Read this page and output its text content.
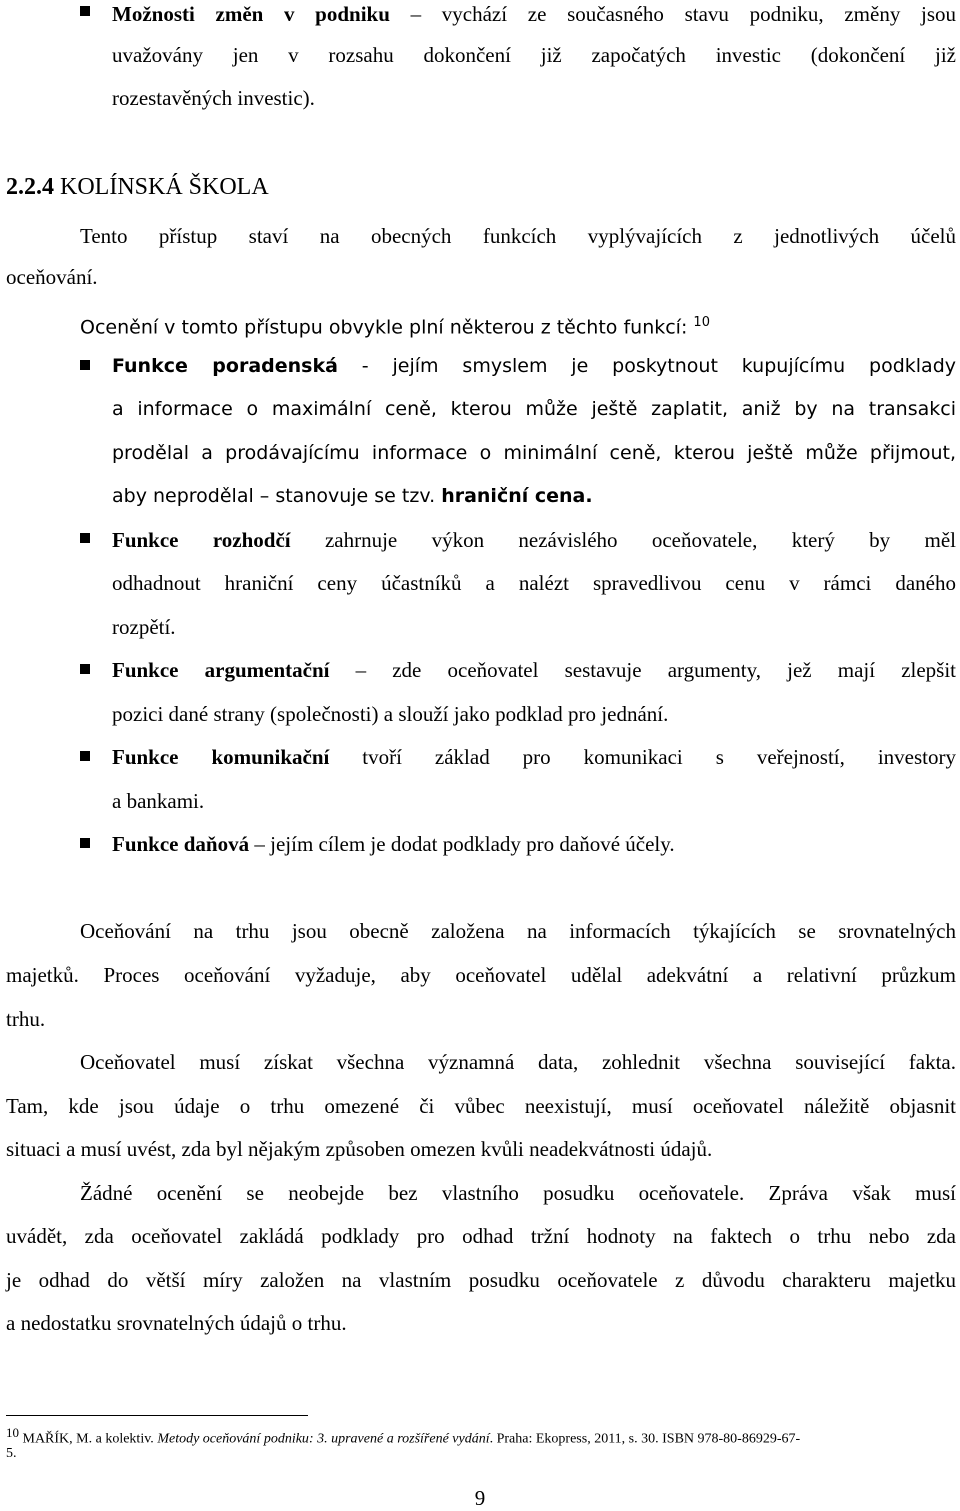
Možnosti změn v podniku – vychází ze současného stavu podniku, změny jsou
uvažovány jen v rozsahu dokončení již započatých investic (dokončení již
rozestavěných investic).
2.2.4 KOLÍNSKÁ ŠKOLA
Tento přístup staví na obecných funkcích vyplývajících z jednotlivých účelů
oceňování.
Ocenění v tomto přístupu obvykle plní některou z těchto funkcí: $^{10}$
Funkce poradenská - jejím smyslem je poskytnout kupujícímu podklady
a informace o maximální ceně, kterou může ještě zaplatit, aniž by na transakci
prodělal a prodávajícímu informace o minimální ceně, kterou ještě může přijmout,
aby neprodělal – stanovuje se tzv. hraniční cena.
Funkce rozhodčí zahrnuje výkon nezávislého oceňovatele, který by měl
odhadnout hraniční ceny účastníků a nalézt spravedlivou cenu v rámci daného
rozpětí.
Funkce argumentační – zde oceňovatel sestavuje argumenty, jež mají zlepšit
pozici dané strany (společnosti) a slouží jako podklad pro jednání.
Funkce komunikační tvoří základ pro komunikaci s veřejností, investory
a bankami.
Funkce daňová – jejím cílem je dodat podklady pro daňové účely.
Oceňování na trhu jsou obecně založena na informacích týkajících se srovnatelných
majetků. Proces oceňování vyžaduje, aby oceňovatel udělal adekvátní a relativní průzkum
trhu.
Oceňovatel musí získat všechna významná data, zohlednit všechna související fakta.
Tam, kde jsou údaje o trhu omezené či vůbec neexistují, musí oceňovatel náležitě objasnit
situaci a musí uvést, zda byl nějakým způsoben omezen kvůli neadekvátnosti údajů.
Žádné ocenění se neobejde bez vlastního posudku oceňovatele. Zpráva však musí
uvádět, zda oceňovatel zakládá podklady pro odhad tržní hodnoty na faktech o trhu nebo zda
je odhad do větší míry založen na vlastním posudku oceňovatele z důvodu charakteru majetku
a nedostatku srovnatelných údajů o trhu.
$^{10}$ MAŘÍK, M. a kolektiv. Metody oceňování podniku: 3. upravené a rozšířené vydání. Praha: Ekopress, 2011, s. 30. ISBN 978-80-86929-67-
5.
9
